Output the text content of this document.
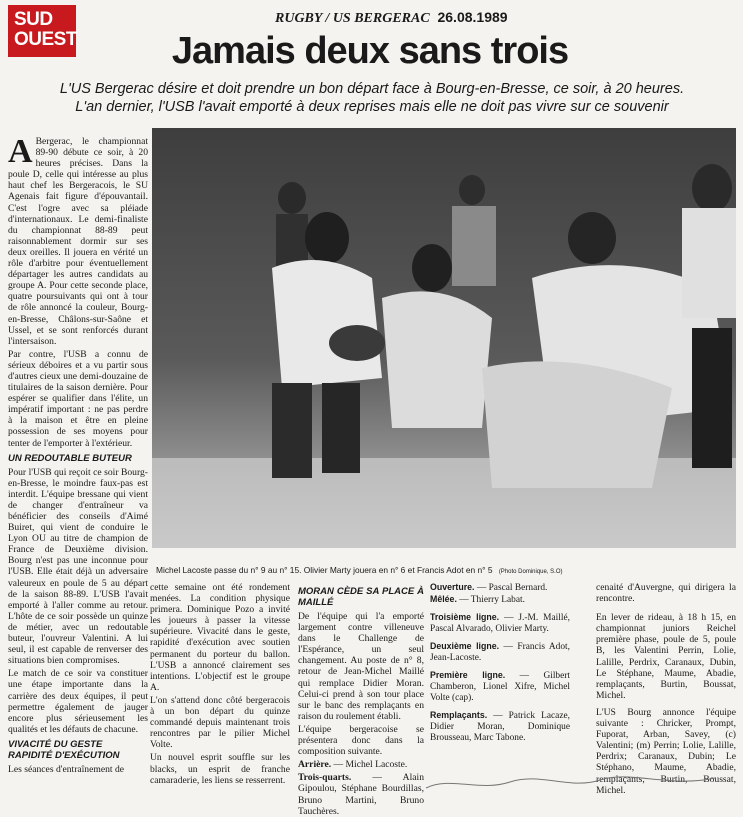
SUD
OUEST
RUGBY / US BERGERAC 26.08.1989
Jamais deux sans trois
L'US Bergerac désire et doit prendre un bon départ face à Bourg-en-Bresse, ce soir, à 20 heures.
L'an dernier, l'USB l'avait emporté à deux reprises mais elle ne doit pas vivre sur ce souvenir

A Bergerac, le championnat 89-90 débute ce soir, à 20 heures précises. Dans la poule D, celle qui intéresse au plus haut chef les Bergeracois, le SU Agenais fait figure d'épouvantail. C'est l'ogre avec sa pléiade d'internationaux. Le demi-finaliste du championnat 88-89 peut raisonnablement dormir sur ses deux oreilles. Il jouera en vérité un rôle d'arbitre pour éventuellement départager les autres candidats au groupe A. Pour cette seconde place, quatre poursuivants qui ont à tour de rôle annoncé la couleur, Bourg-en-Bresse, Châlons-sur-Saône et Ussel, et se sont renforcés durant l'intersaison.

Par contre, l'USB a connu de sérieux déboires et a vu partir sous d'autres cieux une demi-douzaine de titulaires de la saison dernière. Pour espérer se qualifier dans l'élite, un impératif important : ne pas perdre à la maison et être en pleine possession de ses moyens pour tenter de l'emporter à l'extérieur.

UN REDOUTABLE BUTEUR

Pour l'USB qui reçoit ce soir Bourg-en-Bresse, le moindre faux-pas est interdit. L'équipe bressane qui vient de changer d'entraîneur va bénéficier des conseils d'Aimé Buiret, qui vient de conduire le Lyon OU au titre de champion de France de Deuxième division. Bourg n'est pas une inconnue pour l'USB. Elle était déjà un adversaire valeureux en poule de 5 au départ de la saison 88-89. L'USB l'avait emporté à l'aller comme au retour. L'hôte de ce soir possède un quinze de métier, avec un redoutable buteur, l'ouvreur Valentini. A lui seul, il est capable de renverser des situations bien compromises.

Le match de ce soir va constituer une étape importante dans la carrière des deux équipes, il peut permettre également de jauger encore plus sérieusement les qualités et les défauts de chacune.

VIVACITÉ DU GESTE
RAPIDITÉ D'EXÉCUTION

Les séances d'entraînement de

Michel Lacoste passe du n° 9 au n° 15. Olivier Marty jouera en n° 6 et Francis Adot en n° 5 (Photo Dominique, S.O)

cette semaine ont été rondement menées. La condition physique primera. Dominique Pozo a invité les joueurs à passer la vitesse supérieure. Vivacité dans le geste, rapidité d'exécution avec soutien permanent du porteur du ballon. L'USB a annoncé clairement ses intentions. L'objectif est le groupe A.

L'on s'attend donc côté bergeracois à un bon départ du quinze commandé depuis maintenant trois rencontres par le pilier Michel Volte.

Un nouvel esprit souffle sur les blacks, un esprit de franche camaraderie, les liens se resserrent.

MORAN CÈDE SA PLACE À MAILLÉ

De l'équipe qui l'a emporté largement contre villeneuve dans le Challenge de l'Espérance, un seul changement. Au poste de n° 8, retour de Jean-Michel Maillé qui remplace Didier Moran. Celui-ci prend à son tour place sur le banc des remplaçants en raison du roulement établi.

L'équipe bergeracoise se présentera donc dans la composition suivante.

Arrière. — Michel Lacoste.

Trois-quarts. — Alain Gipoulou, Stéphane Bourdillas, Bruno Martini, Bruno Tauchères.

Ouverture. — Pascal Bernard.
Mêlée. — Thierry Labat.

Troisième ligne. — J.-M. Maillé, Pascal Alvarado, Olivier Marty.

Deuxième ligne. — Francis Adot, Jean-Lacoste.

Première ligne. — Gilbert Chamberon, Lionel Xifre, Michel Volte (cap).

Remplaçants. — Patrick Lacaze, Didier Moran, Dominique Brousseau, Marc Tabone.

cenaité d'Auvergne, qui dirigera la rencontre.

En lever de rideau, à 18 h 15, en championnat juniors Reichel première phase, poule de 5, poule B, les Valentini Perrin, Lolie, Lalille, Perdrix, Caranaux, Dubin, Le Stéphane, Maume, Abadie, remplaçants, Burtin, Boussat, Michel.

L'US Bourg annonce l'équipe suivante : Chricker, Prompt, Fuporat, Arban, Savey, (c) Valentini; (m) Perrin; Lolie, Lalille, Perdrix; Caranaux, Dubin; Le Stéphano, Maume, Abadie, remplaçants, Burtin, Boussat, Michel.
